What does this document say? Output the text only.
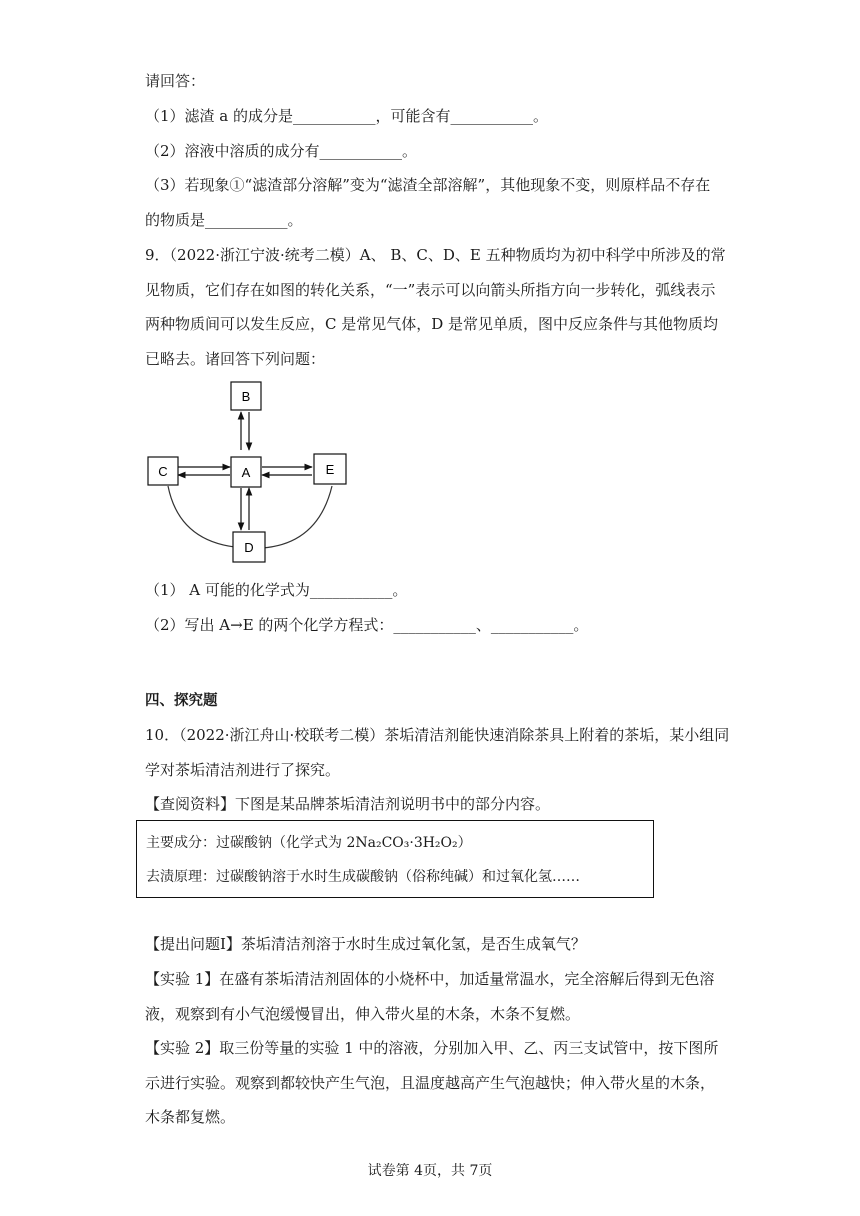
请回答：
（1）滤渣 a 的成分是___________，可能含有___________。
（2）溶液中溶质的成分有___________。
（3）若现象①“滤渣部分溶解”变为“滤渣全部溶解”，其他现象不变，则原样品不存在
的物质是___________。
9．（2022·浙江宁波·统考二模）A、 B、C、D、E 五种物质均为初中科学中所涉及的常
见物质，它们存在如图的转化关系，“一”表示可以向箭头所指方向一步转化，弧线表示
两种物质间可以发生反应，C 是常见气体，D 是常见单质，图中反应条件与其他物质均
已略去。诸回答下列问题：
B
C	A	E
D
（1） A 可能的化学式为___________。
（2）写出 A→E 的两个化学方程式：___________、___________。
四、探究题
10．（2022·浙江舟山·校联考二模）茶垢清洁剂能快速消除茶具上附着的茶垢，某小组同
学对茶垢清洁剂进行了探究。
【查阅资料】下图是某品牌茶垢清洁剂说明书中的部分内容。
主要成分：过碳酸钠（化学式为 2Na₂CO₃·3H₂O₂）
去渍原理：过碳酸钠溶于水时生成碳酸钠（俗称纯碱）和过氧化氢……
【提出问题Ⅰ】茶垢清洁剂溶于水时生成过氧化氢，是否生成氧气？
【实验 1】在盛有茶垢清洁剂固体的小烧杯中，加适量常温水，完全溶解后得到无色溶
液，观察到有小气泡缓慢冒出，伸入带火星的木条，木条不复燃。
【实验 2】取三份等量的实验 1 中的溶液，分别加入甲、乙、丙三支试管中，按下图所
示进行实验。观察到都较快产生气泡，且温度越高产生气泡越快；伸入带火星的木条，
木条都复燃。
试卷第 4页，共 7页
